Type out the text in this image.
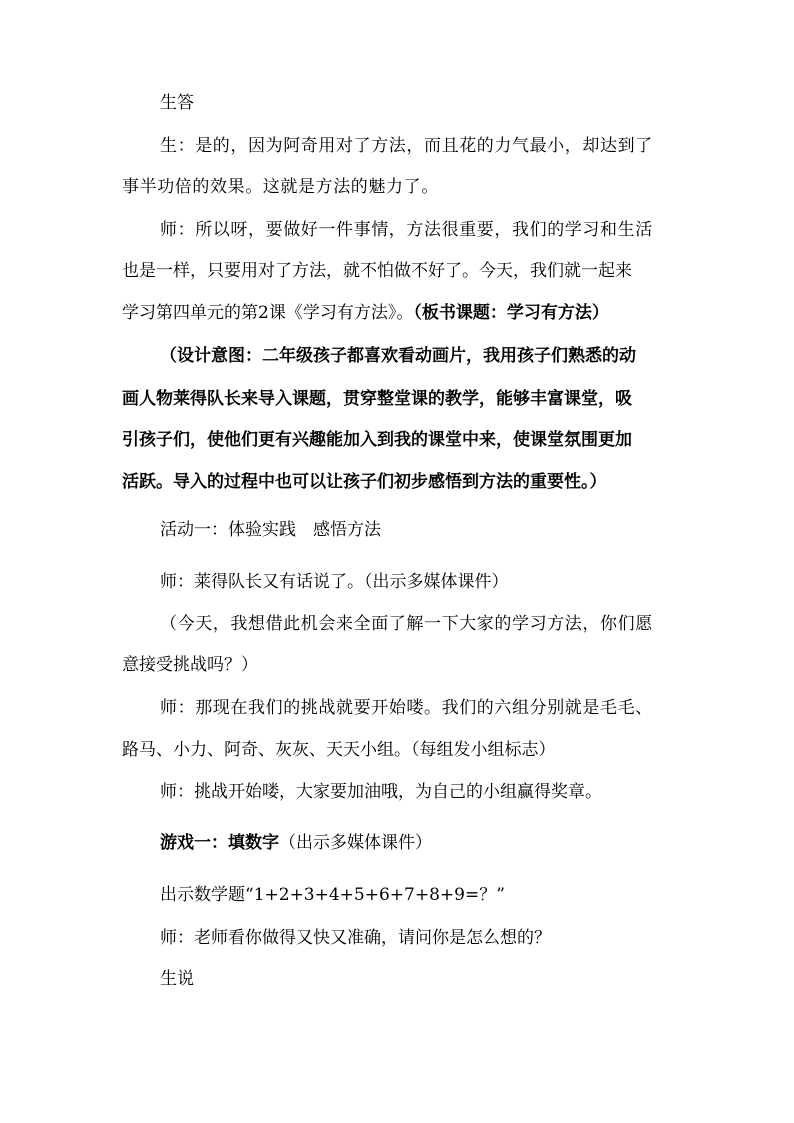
生答

生：是的，因为阿奇用对了方法，而且花的力气最小，却达到了

事半功倍的效果。这就是方法的魅力了。

师：所以呀，要做好一件事情，方法很重要，我们的学习和生活

也是一样，只要用对了方法，就不怕做不好了。今天，我们就一起来

学习第四单元的第2课《学习有方法》。（板书课题：学习有方法）

（设计意图：二年级孩子都喜欢看动画片，我用孩子们熟悉的动

画人物莱得队长来导入课题，贯穿整堂课的教学，能够丰富课堂，吸

引孩子们，使他们更有兴趣能加入到我的课堂中来，使课堂氛围更加

活跃。导入的过程中也可以让孩子们初步感悟到方法的重要性。）

活动一：体验实践　感悟方法

师：莱得队长又有话说了。（出示多媒体课件）

（今天，我想借此机会来全面了解一下大家的学习方法，你们愿

意接受挑战吗？）

师：那现在我们的挑战就要开始喽。我们的六组分别就是毛毛、

路马、小力、阿奇、灰灰、天天小组。（每组发小组标志）

师：挑战开始喽，大家要加油哦，为自己的小组赢得奖章。

游戏一：填数字（出示多媒体课件）

出示数学题“1+2+3+4+5+6+7+8+9=？”

师：老师看你做得又快又准确，请问你是怎么想的？

生说
